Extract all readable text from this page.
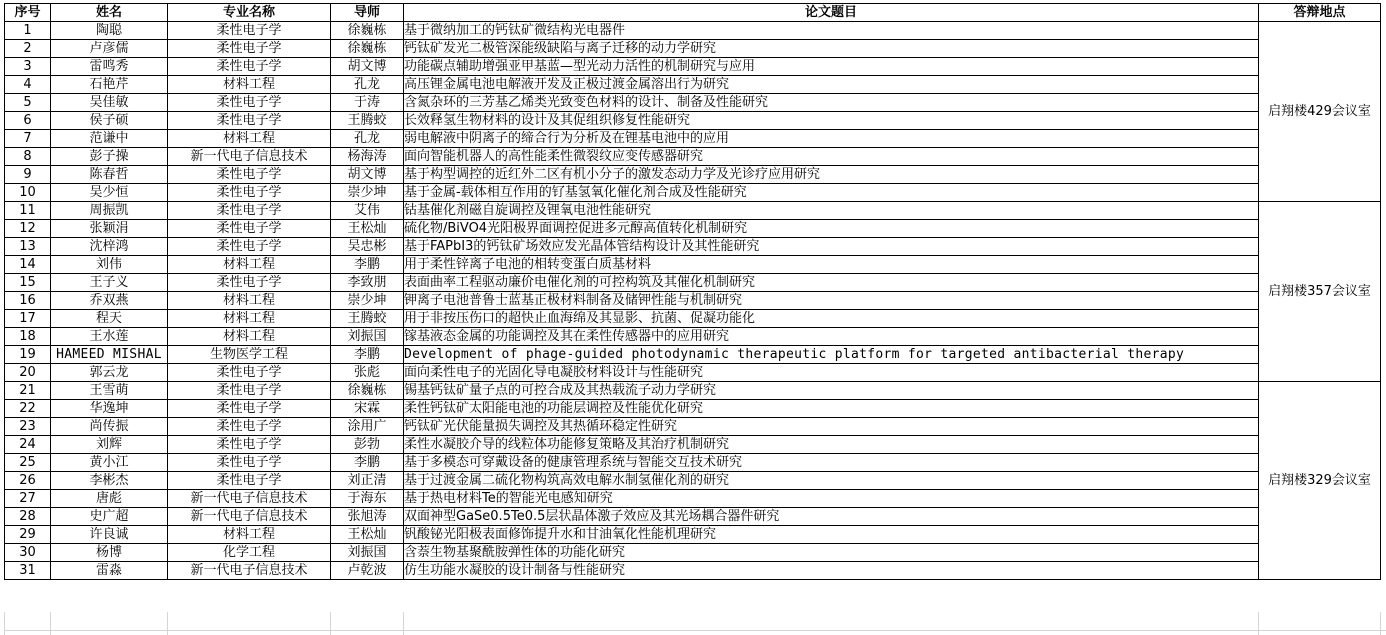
序号	姓名	专业名称	导师	论文题目	答辩地点
1	陶聪	柔性电子学	徐巍栋	基于微纳加工的钙钛矿微结构光电器件	启翔楼429会议室
2	卢彦儒	柔性电子学	徐巍栋	钙钛矿发光二极管深能级缺陷与离子迁移的动力学研究	
3	雷鸣秀	柔性电子学	胡文博	功能碳点辅助增强亚甲基蓝—型光动力活性的机制研究与应用	
4	石艳芹	材料工程	孔龙	高压锂金属电池电解液开发及正极过渡金属溶出行为研究	
5	吴佳敏	柔性电子学	于涛	含氮杂环的三芳基乙烯类光致变色材料的设计、制备及性能研究	
6	侯子硕	柔性电子学	王腾蛟	长效释氢生物材料的设计及其促组织修复性能研究	
7	范谦中	材料工程	孔龙	弱电解液中阴离子的缔合行为分析及在锂基电池中的应用	
8	彭子操	新一代电子信息技术	杨海涛	面向智能机器人的高性能柔性微裂纹应变传感器研究	
9	陈春哲	柔性电子学	胡文博	基于构型调控的近红外二区有机小分子的激发态动力学及光诊疗应用研究	
10	吴少恒	柔性电子学	崇少坤	基于金属-载体相互作用的钌基氢氧化催化剂合成及性能研究	
11	周振凯	柔性电子学	艾伟	钴基催化剂磁自旋调控及锂氧电池性能研究	启翔楼357会议室
12	张颖涓	柔性电子学	王松灿	硫化物/BiVO4光阳极界面调控促进多元醇高值转化机制研究	
13	沈梓鸿	柔性电子学	吴忠彬	基于FAPbI3的钙钛矿场效应发光晶体管结构设计及其性能研究	
14	刘伟	材料工程	李鹏	用于柔性锌离子电池的相转变蛋白质基材料	
15	王子义	柔性电子学	李致朋	表面曲率工程驱动廉价电催化剂的可控构筑及其催化机制研究	
16	乔双燕	材料工程	崇少坤	钾离子电池普鲁士蓝基正极材料制备及储钾性能与机制研究	
17	程天	材料工程	王腾蛟	用于非按压伤口的超快止血海绵及其显影、抗菌、促凝功能化	
18	王水莲	材料工程	刘振国	镓基液态金属的功能调控及其在柔性传感器中的应用研究	
19	HAMEED MISHAL	生物医学工程	李鹏	Development of phage-guided photodynamic therapeutic platform for targeted antibacterial therapy	
20	郭云龙	柔性电子学	张彪	面向柔性电子的光固化导电凝胶材料设计与性能研究	
21	王雪萌	柔性电子学	徐巍栋	锡基钙钛矿量子点的可控合成及其热载流子动力学研究	启翔楼329会议室
22	华逸坤	柔性电子学	宋霖	柔性钙钛矿太阳能电池的功能层调控及性能优化研究	
23	尚传振	柔性电子学	涂用广	钙钛矿光伏能量损失调控及其热循环稳定性研究	
24	刘辉	柔性电子学	彭勃	柔性水凝胶介导的线粒体功能修复策略及其治疗机制研究	
25	黄小江	柔性电子学	李鹏	基于多模态可穿戴设备的健康管理系统与智能交互技术研究	
26	李彬杰	柔性电子学	刘正清	基于过渡金属二硫化物构筑高效电解水制氢催化剂的研究	
27	唐彪	新一代电子信息技术	于海东	基于热电材料Te的智能光电感知研究	
28	史广超	新一代电子信息技术	张旭涛	双面神型GaSe0.5Te0.5层状晶体激子效应及其光场耦合器件研究	
29	许良诚	材料工程	王松灿	钒酸铋光阳极表面修饰提升水和甘油氧化性能机理研究	
30	杨博	化学工程	刘振国	含萘生物基聚酰胺弹性体的功能化研究	
31	雷淼	新一代电子信息技术	卢乾波	仿生功能水凝胶的设计制备与性能研究	
